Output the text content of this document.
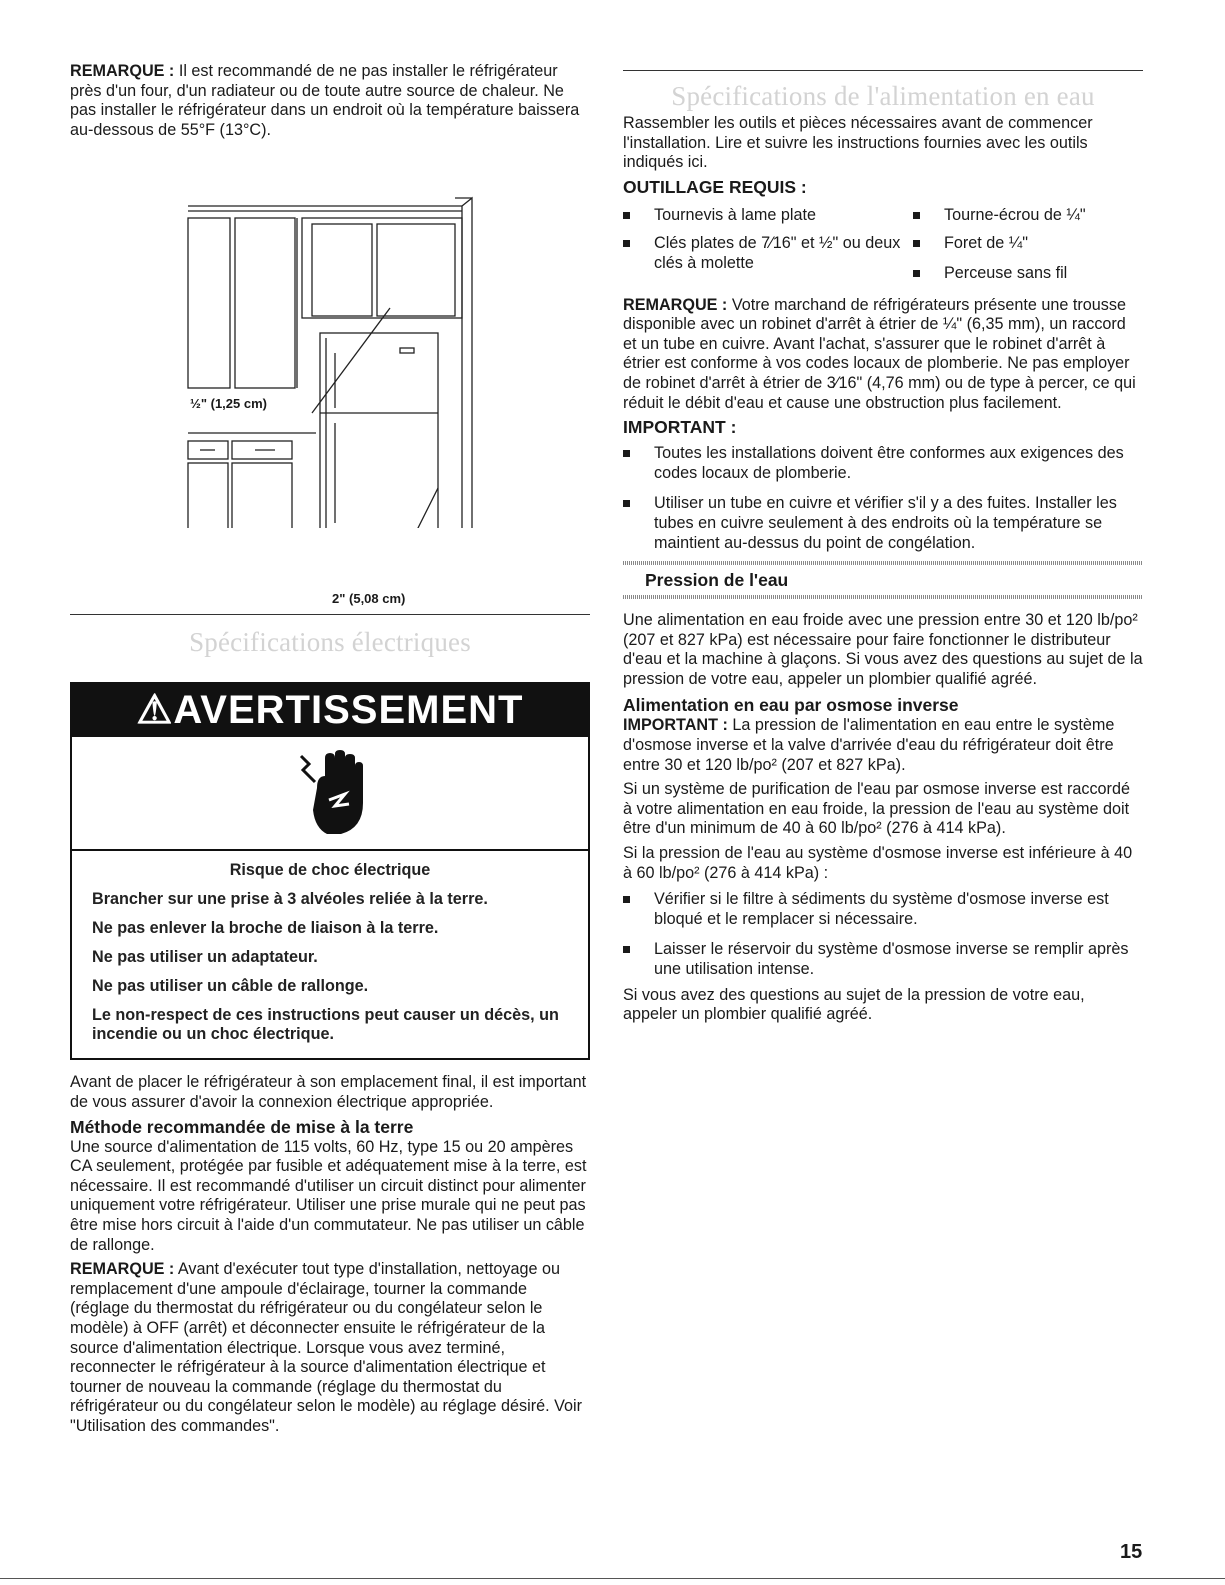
REMARQUE : Il est recommandé de ne pas installer le réfrigérateur près d'un four, d'un radiateur ou de toute autre source de chaleur. Ne pas installer le réfrigérateur dans un endroit où la température baissera au-dessous de 55°F (13°C).

½" (1,25 cm)
2" (5,08 cm)
Spécifications électriques
⚠AVERTISSEMENT

Risque de choc électrique

Brancher sur une prise à 3 alvéoles reliée à la terre.

Ne pas enlever la broche de liaison à la terre.

Ne pas utiliser un adaptateur.

Ne pas utiliser un câble de rallonge.

Le non-respect de ces instructions peut causer un décès, un incendie ou un choc électrique.

Avant de placer le réfrigérateur à son emplacement final, il est important de vous assurer d'avoir la connexion électrique appropriée.

Méthode recommandée de mise à la terre

Une source d'alimentation de 115 volts, 60 Hz, type 15 ou 20 ampères CA seulement, protégée par fusible et adéquatement mise à la terre, est nécessaire. Il est recommandé d'utiliser un circuit distinct pour alimenter uniquement votre réfrigérateur. Utiliser une prise murale qui ne peut pas être mise hors circuit à l'aide d'un commutateur. Ne pas utiliser un câble de rallonge.

REMARQUE : Avant d'exécuter tout type d'installation, nettoyage ou remplacement d'une ampoule d'éclairage, tourner la commande (réglage du thermostat du réfrigérateur ou du congélateur selon le modèle) à OFF (arrêt) et déconnecter ensuite le réfrigérateur de la source d'alimentation électrique. Lorsque vous avez terminé, reconnecter le réfrigérateur à la source d'alimentation électrique et tourner de nouveau la commande (réglage du thermostat du réfrigérateur ou du congélateur selon le modèle) au réglage désiré. Voir "Utilisation des commandes".

Spécifications de l'alimentation en eau

Rassembler les outils et pièces nécessaires avant de commencer l'installation. Lire et suivre les instructions fournies avec les outils indiqués ici.

OUTILLAGE REQUIS :
Tournevis à lame plate
Clés plates de 7⁄16" et ½" ou deux clés à molette
Tourne-écrou de ¼"
Foret de ¼"
Perceuse sans fil

REMARQUE : Votre marchand de réfrigérateurs présente une trousse disponible avec un robinet d'arrêt à étrier de ¼" (6,35 mm), un raccord et un tube en cuivre. Avant l'achat, s'assurer que le robinet d'arrêt à étrier est conforme à vos codes locaux de plomberie. Ne pas employer de robinet d'arrêt à étrier de 3⁄16" (4,76 mm) ou de type à percer, ce qui réduit le débit d'eau et cause une obstruction plus facilement.

IMPORTANT :
Toutes les installations doivent être conformes aux exigences des codes locaux de plomberie.
Utiliser un tube en cuivre et vérifier s'il y a des fuites. Installer les tubes en cuivre seulement à des endroits où la température se maintient au-dessus du point de congélation.
Pression de l'eau

Une alimentation en eau froide avec une pression entre 30 et 120 lb/po² (207 et 827 kPa) est nécessaire pour faire fonctionner le distributeur d'eau et la machine à glaçons. Si vous avez des questions au sujet de la pression de votre eau, appeler un plombier qualifié agréé.

Alimentation en eau par osmose inverse

IMPORTANT : La pression de l'alimentation en eau entre le système d'osmose inverse et la valve d'arrivée d'eau du réfrigérateur doit être entre 30 et 120 lb/po² (207 et 827 kPa).

Si un système de purification de l'eau par osmose inverse est raccordé à votre alimentation en eau froide, la pression de l'eau au système doit être d'un minimum de 40 à 60 lb/po² (276 à 414 kPa).

Si la pression de l'eau au système d'osmose inverse est inférieure à 40 à 60 lb/po² (276 à 414 kPa) :

Vérifier si le filtre à sédiments du système d'osmose inverse est bloqué et le remplacer si nécessaire.
Laisser le réservoir du système d'osmose inverse se remplir après une utilisation intense.

Si vous avez des questions au sujet de la pression de votre eau, appeler un plombier qualifié agréé.

15
